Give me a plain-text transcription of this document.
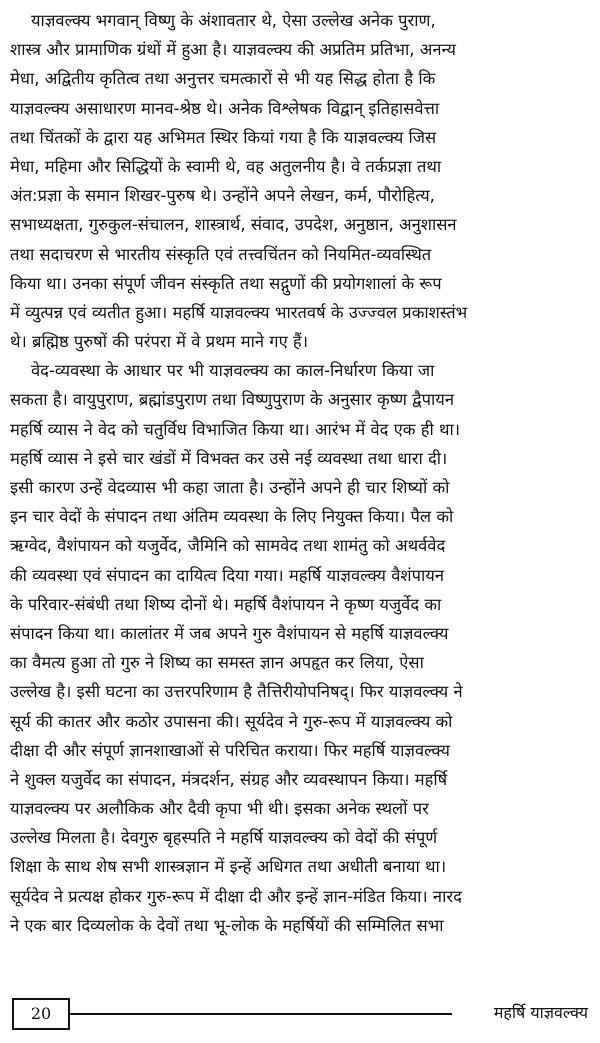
याज्ञवल्क्य भगवान् विष्णु के अंशावतार थे, ऐसा उल्लेख अनेक पुराण,
शास्त्र और प्रामाणिक ग्रंथों में हुआ है। याज्ञवल्क्य की अप्रतिम प्रतिभा, अनन्य
मेधा, अद्वितीय कृतित्व तथा अनुत्तर चमत्कारों से भी यह सिद्ध होता है कि
याज्ञवल्क्य असाधारण मानव-श्रेष्ठ थे। अनेक विश्लेषक विद्वान् इतिहासवेत्ता
तथा चिंतकों के द्वारा यह अभिमत स्थिर कियां गया है कि याज्ञवल्क्य जिस
मेधा, महिमा और सिद्धियों के स्वामी थे, वह अतुलनीय है। वे तर्कप्रज्ञा तथा
अंत:प्रज्ञा के समान शिखर-पुरुष थे। उन्होंने अपने लेखन, कर्म, पौरोहित्य,
सभाध्यक्षता, गुरुकुल-संचालन, शास्त्रार्थ, संवाद, उपदेश, अनुष्ठान, अनुशासन
तथा सदाचरण से भारतीय संस्कृति एवं तत्त्वचिंतन को नियमित-व्यवस्थित
किया था। उनका संपूर्ण जीवन संस्कृति तथा सद्गुणों की प्रयोगशालां के रूप
में व्युत्पन्न एवं व्यतीत हुआ। महर्षि याज्ञवल्क्य भारतवर्ष के उज्ज्वल प्रकाशस्तंभ
थे। ब्रह्मिष्ठ पुरुषों की परंपरा में वे प्रथम माने गए हैं।
वेद-व्यवस्था के आधार पर भी याज्ञवल्क्य का काल-निर्धारण किया जा
सकता है। वायुपुराण, ब्रह्मांडपुराण तथा विष्णुपुराण के अनुसार कृष्ण द्वैपायन
महर्षि व्यास ने वेद को चतुर्विध विभाजित किया था। आरंभ में वेद एक ही था।
महर्षि व्यास ने इसे चार खंडों में विभक्त कर उसे नई व्यवस्था तथा धारा दी।
इसी कारण उन्हें वेदव्यास भी कहा जाता है। उन्होंने अपने ही चार शिष्यों को
इन चार वेदों के संपादन तथा अंतिम व्यवस्था के लिए नियुक्त किया। पैल को
ऋग्वेद, वैशंपायन को यजुर्वेद, जैमिनि को सामवेद तथा शामंतु को अथर्ववेद
की व्यवस्था एवं संपादन का दायित्व दिया गया। महर्षि याज्ञवल्क्य वैशंपायन
के परिवार-संबंधी तथा शिष्य दोनों थे। महर्षि वैशंपायन ने कृष्ण यजुर्वेद का
संपादन किया था। कालांतर में जब अपने गुरु वैशंपायन से महर्षि याज्ञवल्क्य
का वैमत्य हुआ तो गुरु ने शिष्य का समस्त ज्ञान अपहृत कर लिया, ऐसा
उल्लेख है। इसी घटना का उत्तरपरिणाम है तैत्तिरीयोपनिषद्। फिर याज्ञवल्क्य ने
सूर्य की कातर और कठोर उपासना की। सूर्यदेव ने गुरु-रूप में याज्ञवल्क्य को
दीक्षा दी और संपूर्ण ज्ञानशाखाओं से परिचित कराया। फिर महर्षि याज्ञवल्क्य
ने शुक्ल यजुर्वेद का संपादन, मंत्रदर्शन, संग्रह और व्यवस्थापन किया। महर्षि
याज्ञवल्क्य पर अलौकिक और दैवी कृपा भी थी। इसका अनेक स्थलों पर
उल्लेख मिलता है। देवगुरु बृहस्पति ने महर्षि याज्ञवल्क्य को वेदों की संपूर्ण
शिक्षा के साथ शेष सभी शास्त्रज्ञान में इन्हें अधिगत तथा अधीती बनाया था।
सूर्यदेव ने प्रत्यक्ष होकर गुरु-रूप में दीक्षा दी और इन्हें ज्ञान-मंडित किया। नारद
ने एक बार दिव्यलोक के देवों तथा भू-लोक के महर्षियों की सम्मिलित सभा
20	महर्षि याज्ञवल्क्य
